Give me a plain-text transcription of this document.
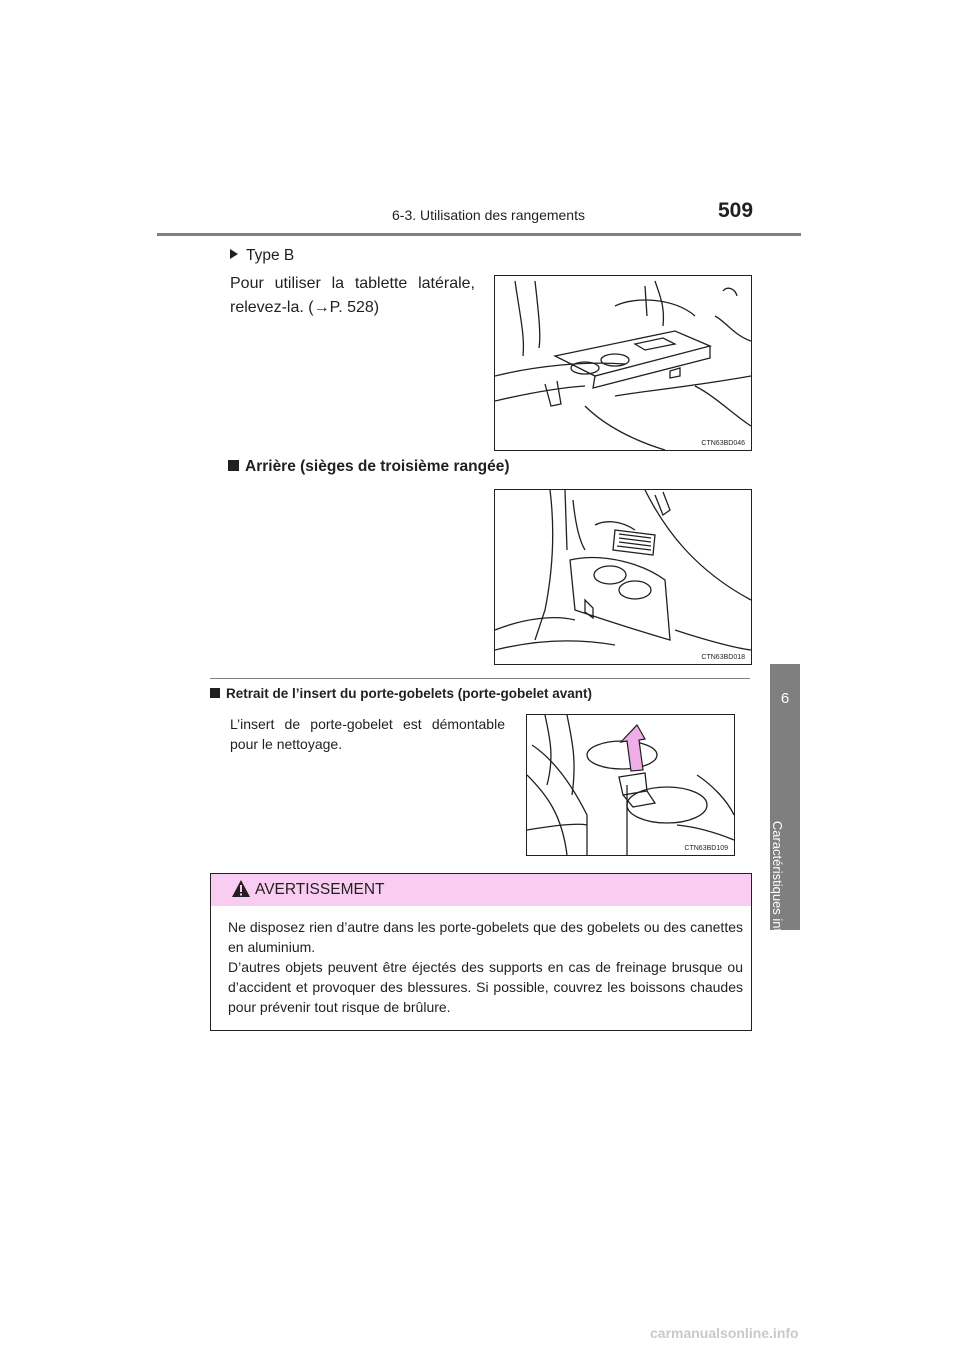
6-3. Utilisation des rangements	509
6
Caractéristiques intérieures
Type B
Pour utiliser la tablette latérale, relevez-la. (→P. 528)
CTN63BD046
Arrière (sièges de troisième rangée)
CTN63BD018
Retrait de l’insert du porte-gobelets (porte-gobelet avant)
L’insert de porte-gobelet est démontable pour le nettoyage.
CTN63BD109
AVERTISSEMENT

Ne disposez rien d’autre dans les porte-gobelets que des gobelets ou des canettes en aluminium.

D’autres objets peuvent être éjectés des supports en cas de freinage brusque ou d’accident et provoquer des blessures. Si possible, couvrez les boissons chaudes pour prévenir tout risque de brûlure.

carmanualsonline.info
